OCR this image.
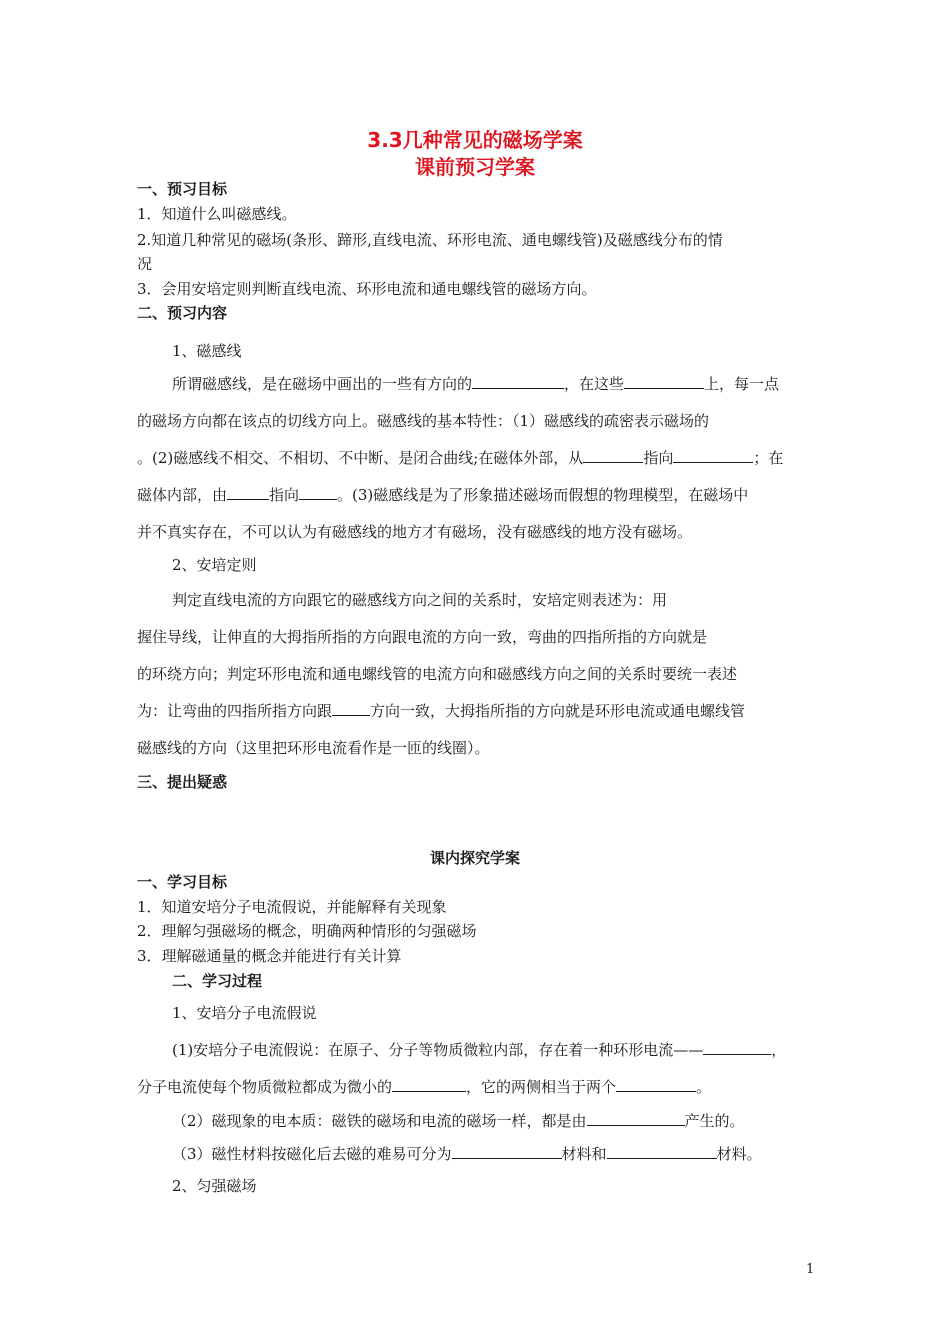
3.3几种常见的磁场学案
课前预习学案
一、预习目标
1．知道什么叫磁感线。
2.知道几种常见的磁场(条形、蹄形,直线电流、环形电流、通电螺线管)及磁感线分布的情
况
3．会用安培定则判断直线电流、环形电流和通电螺线管的磁场方向。
二、预习内容
1、磁感线
所谓磁感线，是在磁场中画出的一些有方向的	，在这些	上，每一点
的磁场方向都在该点的切线方向上。磁感线的基本特性：（1）磁感线的疏密表示磁场的
。(2)磁感线不相交、不相切、不中断、是闭合曲线;在磁体外部，从	指向	；在
磁体内部，由	指向	。(3)磁感线是为了形象描述磁场而假想的物理模型，在磁场中
并不真实存在，不可以认为有磁感线的地方才有磁场，没有磁感线的地方没有磁场。
2、安培定则
判定直线电流的方向跟它的磁感线方向之间的关系时，安培定则表述为：用
握住导线，让伸直的大拇指所指的方向跟电流的方向一致，弯曲的四指所指的方向就是
的环绕方向；判定环形电流和通电螺线管的电流方向和磁感线方向之间的关系时要统一表述
为：让弯曲的四指所指方向跟	方向一致，大拇指所指的方向就是环形电流或通电螺线管
磁感线的方向（这里把环形电流看作是一匝的线圈）。
三、提出疑惑
课内探究学案
一、学习目标
1．知道安培分子电流假说，并能解释有关现象
2．理解匀强磁场的概念，明确两种情形的匀强磁场
3．理解磁通量的概念并能进行有关计算
二、学习过程
1、安培分子电流假说
(1)安培分子电流假说：在原子、分子等物质微粒内部，存在着一种环形电流——	，
分子电流使每个物质微粒都成为微小的	，它的两侧相当于两个	。
（2）磁现象的电本质：磁铁的磁场和电流的磁场一样，都是由	产生的。
（3）磁性材料按磁化后去磁的难易可分为	材料和	材料。
2、匀强磁场
1
